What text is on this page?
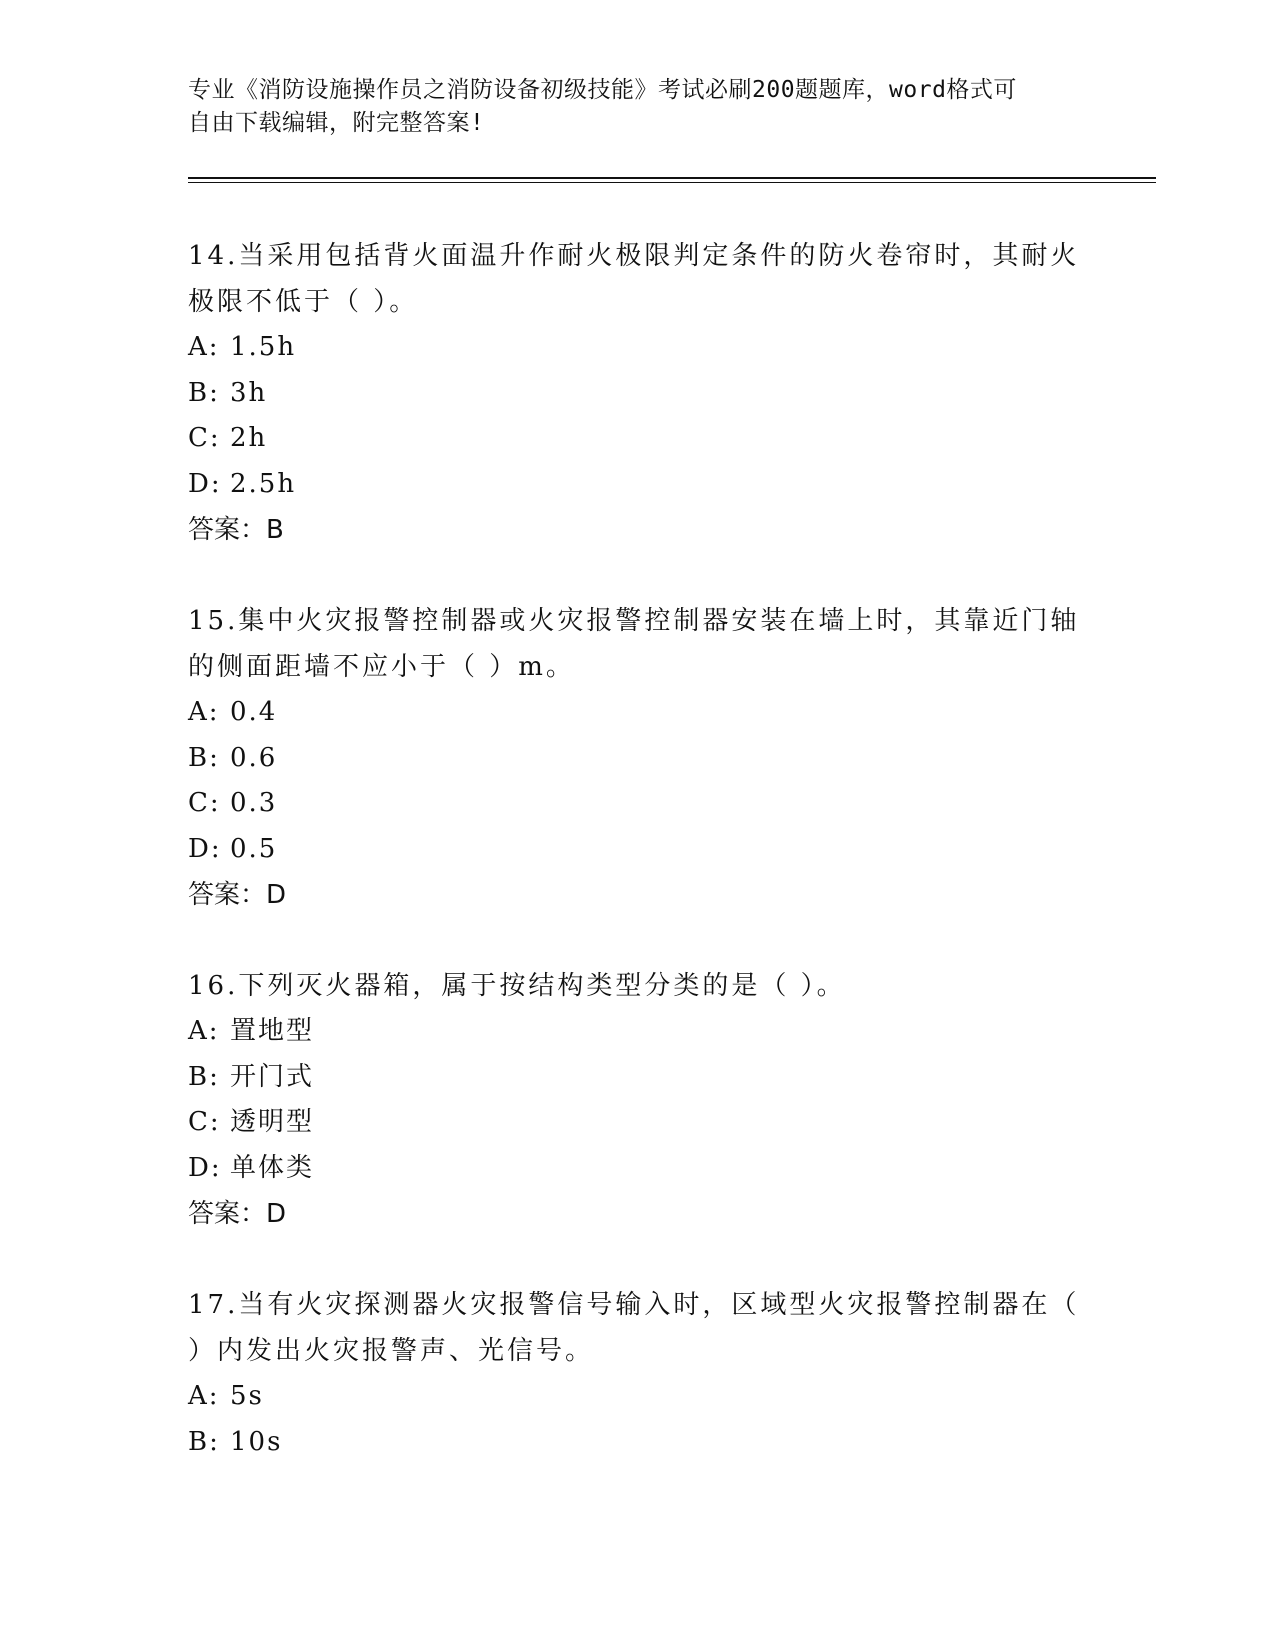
专业《消防设施操作员之消防设备初级技能》考试必刷200题题库，word格式可
自由下载编辑，附完整答案!

14.当采用包括背火面温升作耐火极限判定条件的防火卷帘时，其耐火

极限不低于（ ）。

A: 1.5h

B: 3h

C: 2h

D: 2.5h

答案：B

15.集中火灾报警控制器或火灾报警控制器安装在墙上时，其靠近门轴

的侧面距墙不应小于（ ）m。

A: 0.4

B: 0.6

C: 0.3

D: 0.5

答案：D

16.下列灭火器箱，属于按结构类型分类的是（ ）。

A: 置地型

B: 开门式

C: 透明型

D: 单体类

答案：D

17.当有火灾探测器火灾报警信号输入时，区域型火灾报警控制器在（

）内发出火灾报警声、光信号。

A: 5s

B: 10s
